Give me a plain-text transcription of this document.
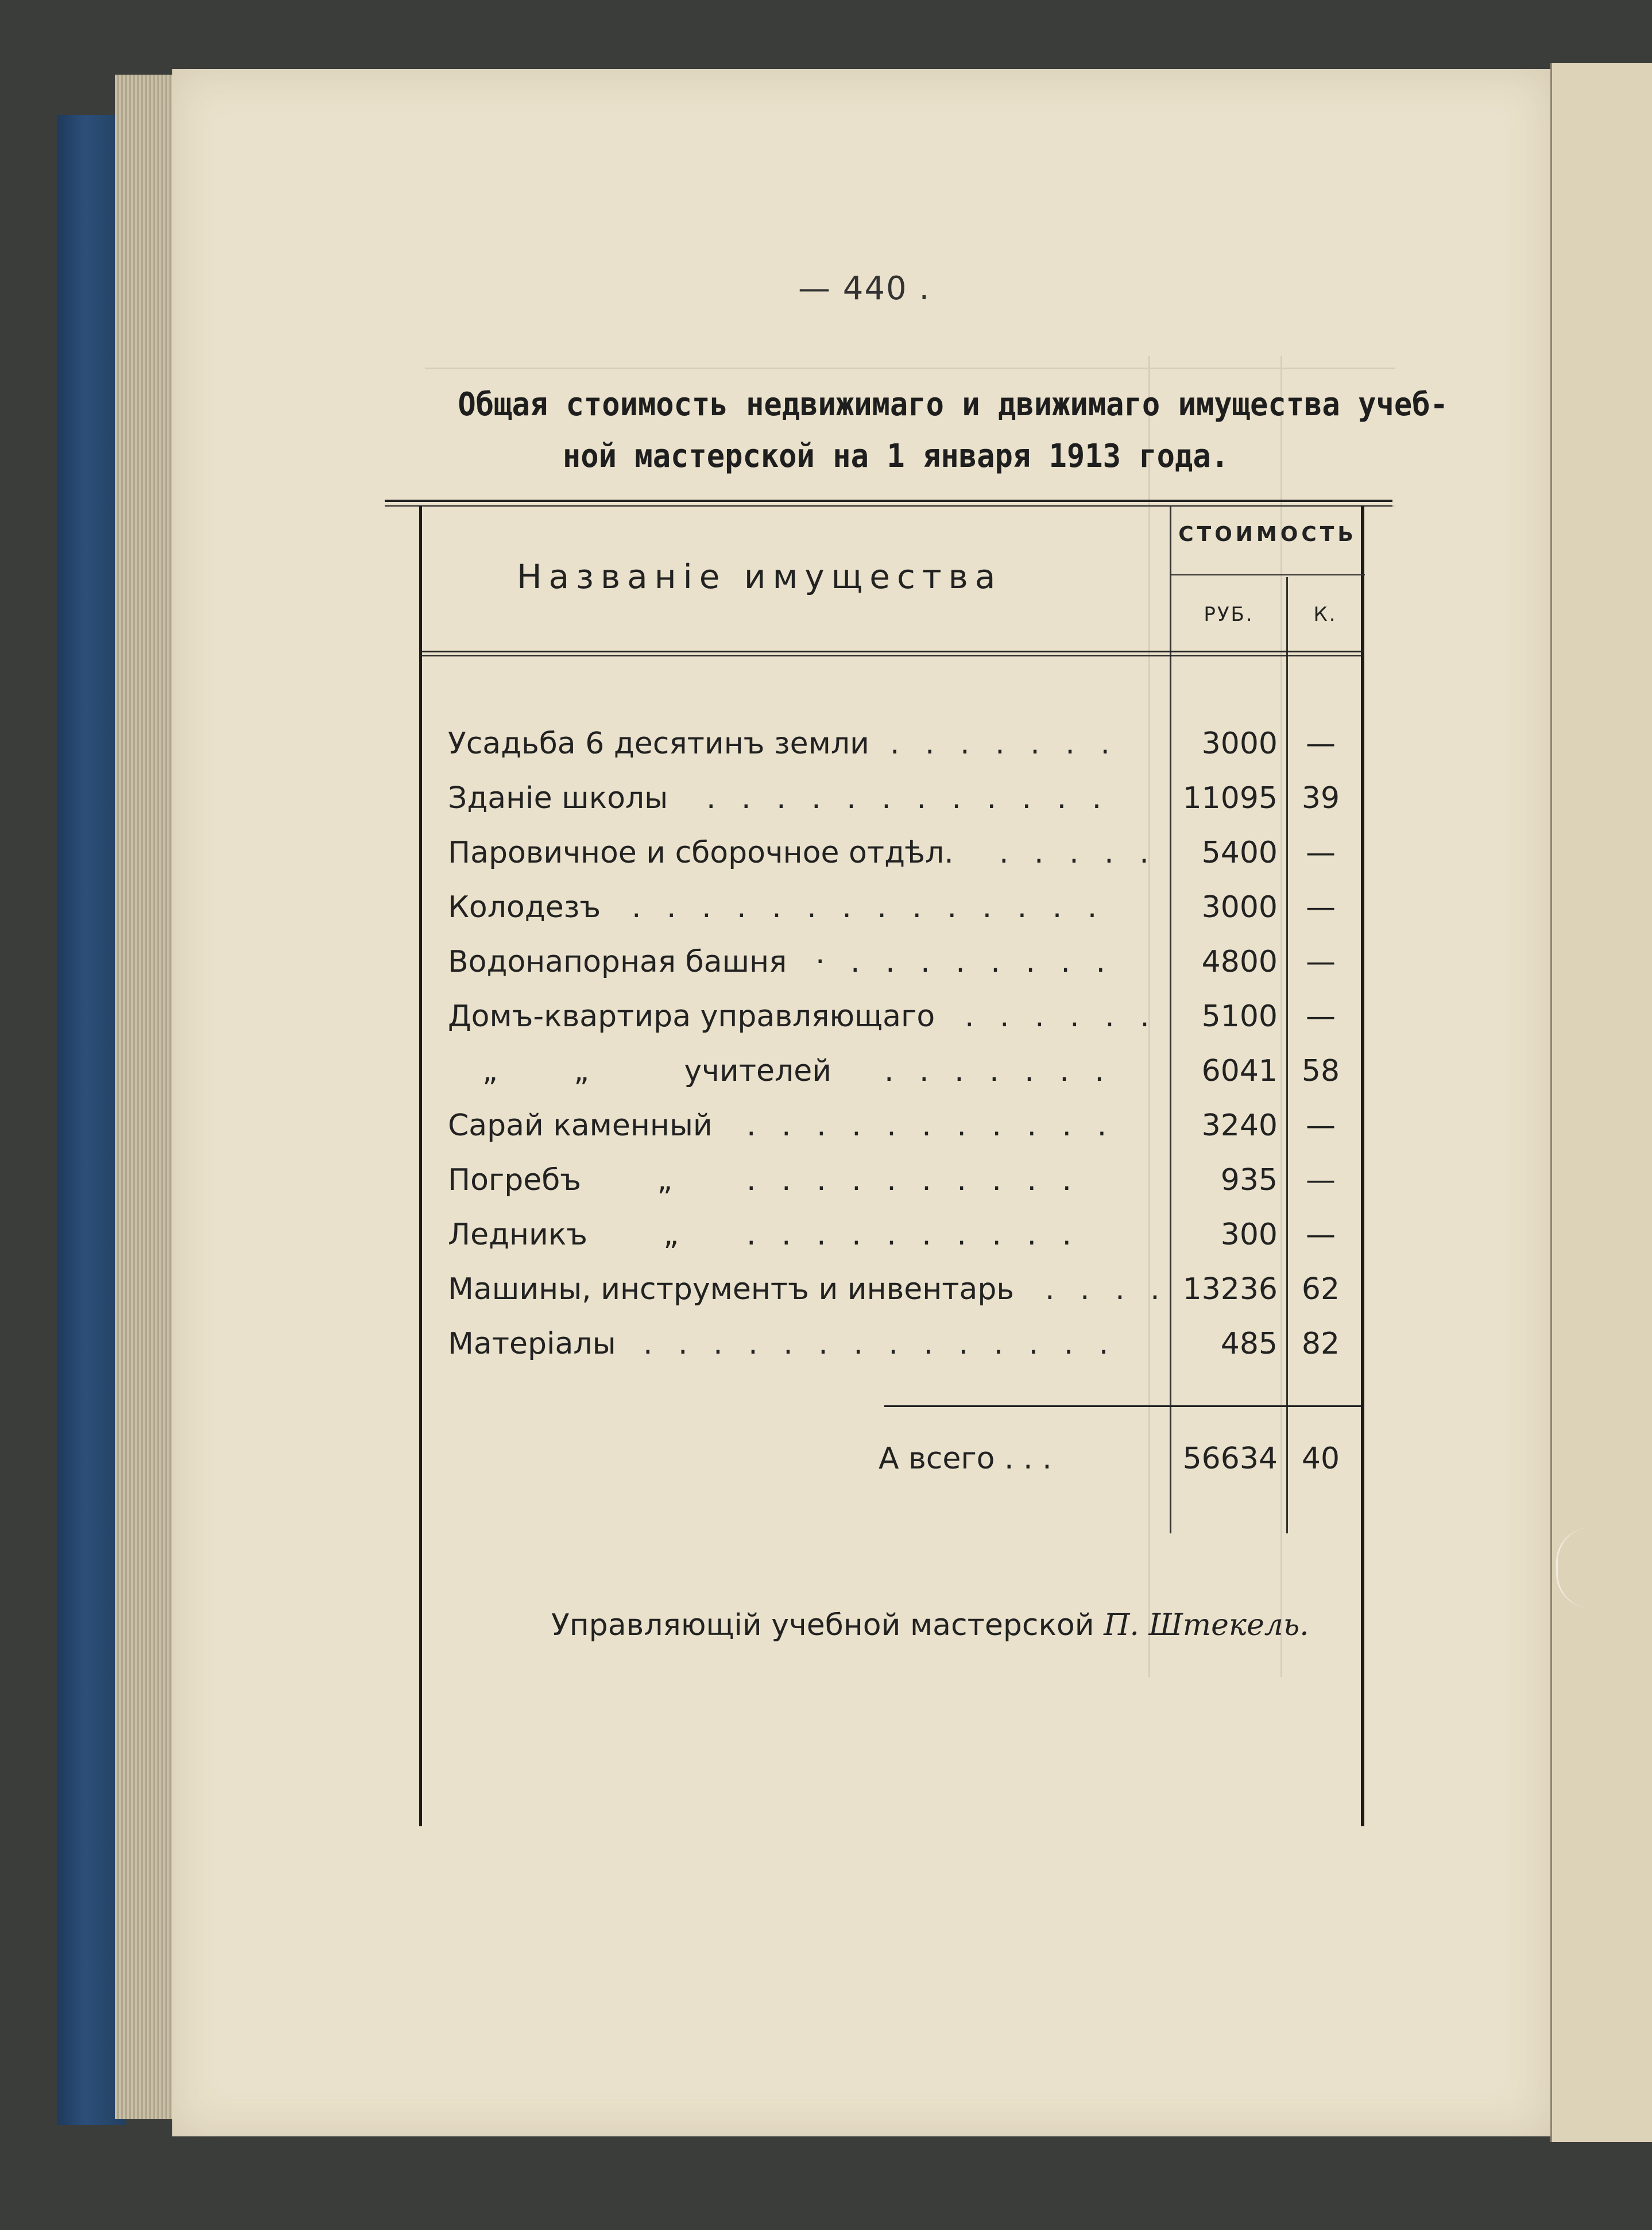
— 440 .
Общая стоимость недвижимаго и движимаго имущества учеб-
ной мастерской на 1 января 1913 года.
Названіе имущества
СТОИМОСТЬ
РУБ.	К.
Усадьба 6 десятинъ земли . . . . . . .	3000 —
Зданіе школы . . . . . . . . . . . .	11095 39
Паровичное и сборочное отдѣл. . . . . .	5400 —
Колодезъ . . . . . . . . . . . . . .	3000 —
Водонапорная башня · . . . . . . . .	4800 —
Домъ-квартира управляющаго . . . . . .	5100 —
„        „          учителей . . . . . . .	6041 58
Сарай каменный . . . . . . . . . . .	3240 —
Погребъ        „ . . . . . . . . . .	935 —
Ледникъ        „ . . . . . . . . . .	300 —
Машины, инструментъ и инвентарь . . . . 13236 62
Матеріалы . . . . . . . . . . . . . .	485 82
А всего . . .	56634 40
Управляющій учебной мастерской П. Штекель.
